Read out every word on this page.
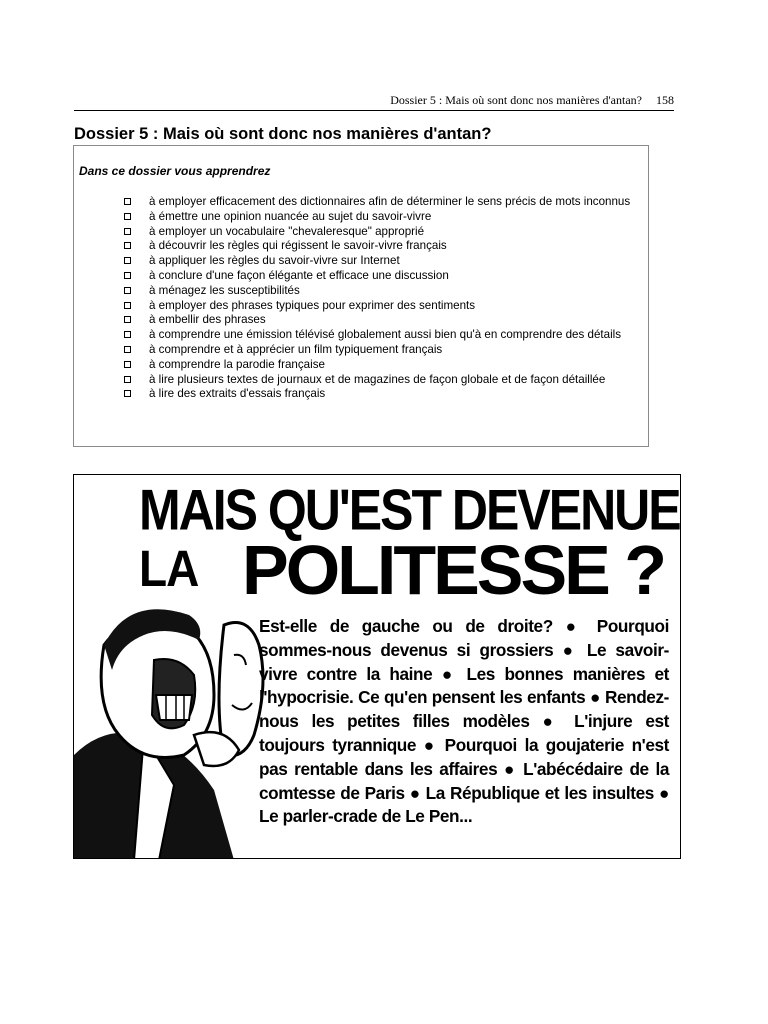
Dossier 5 : Mais où sont donc nos manières d'antan? 158
Dossier 5 : Mais où sont donc nos manières d'antan?
Dans ce dossier vous apprendrez
à employer efficacement des dictionnaires afin de déterminer le sens précis de mots inconnus
à émettre une opinion nuancée au sujet du savoir-vivre
à employer un vocabulaire "chevaleresque" approprié
à découvrir les règles qui régissent le savoir-vivre français
à appliquer les règles du savoir-vivre sur Internet
à conclure d'une façon élégante et efficace une discussion
à ménagez les susceptibilités
à employer des phrases typiques pour exprimer des sentiments
à embellir des phrases
à comprendre une émission télévisé globalement aussi bien qu'à en comprendre des détails
à comprendre et à apprécier un film typiquement français
à comprendre la parodie française
à lire plusieurs textes de journaux et de magazines de façon globale et de façon détaillée
à lire des extraits d'essais français
MAIS QU'EST DEVENUE
LA POLITESSE ?
Est-elle de gauche ou de droite? ● Pourquoi sommes-nous devenus si grossiers ● Le savoir-vivre contre la haine ● Les bonnes manières et l'hypocrisie. Ce qu'en pensent les enfants ● Rendez-nous les petites filles modèles ● L'injure est toujours tyrannique ● Pourquoi la goujaterie n'est pas rentable dans les affaires ● L'abécédaire de la comtesse de Paris ● La République et les insultes ● Le parler-crade de Le Pen...
